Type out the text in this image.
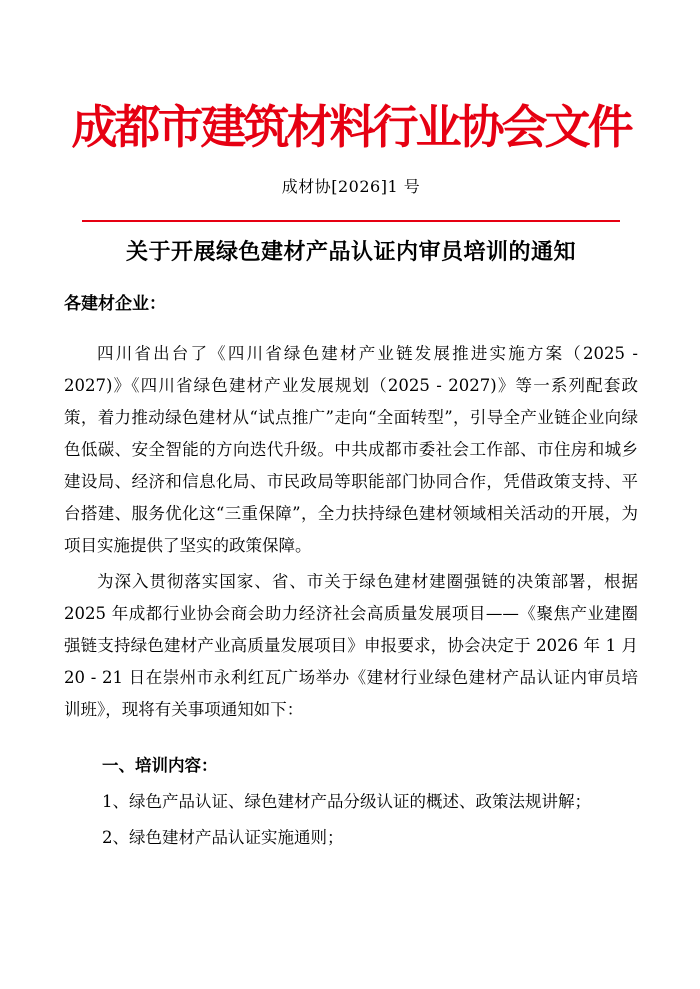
成都市建筑材料行业协会文件
成材协[2026]1 号
关于开展绿色建材产品认证内审员培训的通知
各建材企业：

四川省出台了《四川省绿色建材产业链发展推进实施方案（2025 - 2027)》《四川省绿色建材产业发展规划（2025 - 2027)》等一系列配套政策，着力推动绿色建材从“试点推广”走向“全面转型”，引导全产业链企业向绿色低碳、安全智能的方向迭代升级。中共成都市委社会工作部、市住房和城乡建设局、经济和信息化局、市民政局等职能部门协同合作，凭借政策支持、平台搭建、服务优化这“三重保障”，全力扶持绿色建材领域相关活动的开展，为项目实施提供了坚实的政策保障。

为深入贯彻落实国家、省、市关于绿色建材建圈强链的决策部署，根据 2025 年成都行业协会商会助力经济社会高质量发展项目——《聚焦产业建圈强链支持绿色建材产业高质量发展项目》申报要求，协会决定于 2026 年 1 月 20 - 21 日在崇州市永利红瓦广场举办《建材行业绿色建材产品认证内审员培训班》，现将有关事项通知如下：

一、培训内容：
1、绿色产品认证、绿色建材产品分级认证的概述、政策法规讲解；
2、绿色建材产品认证实施通则；
